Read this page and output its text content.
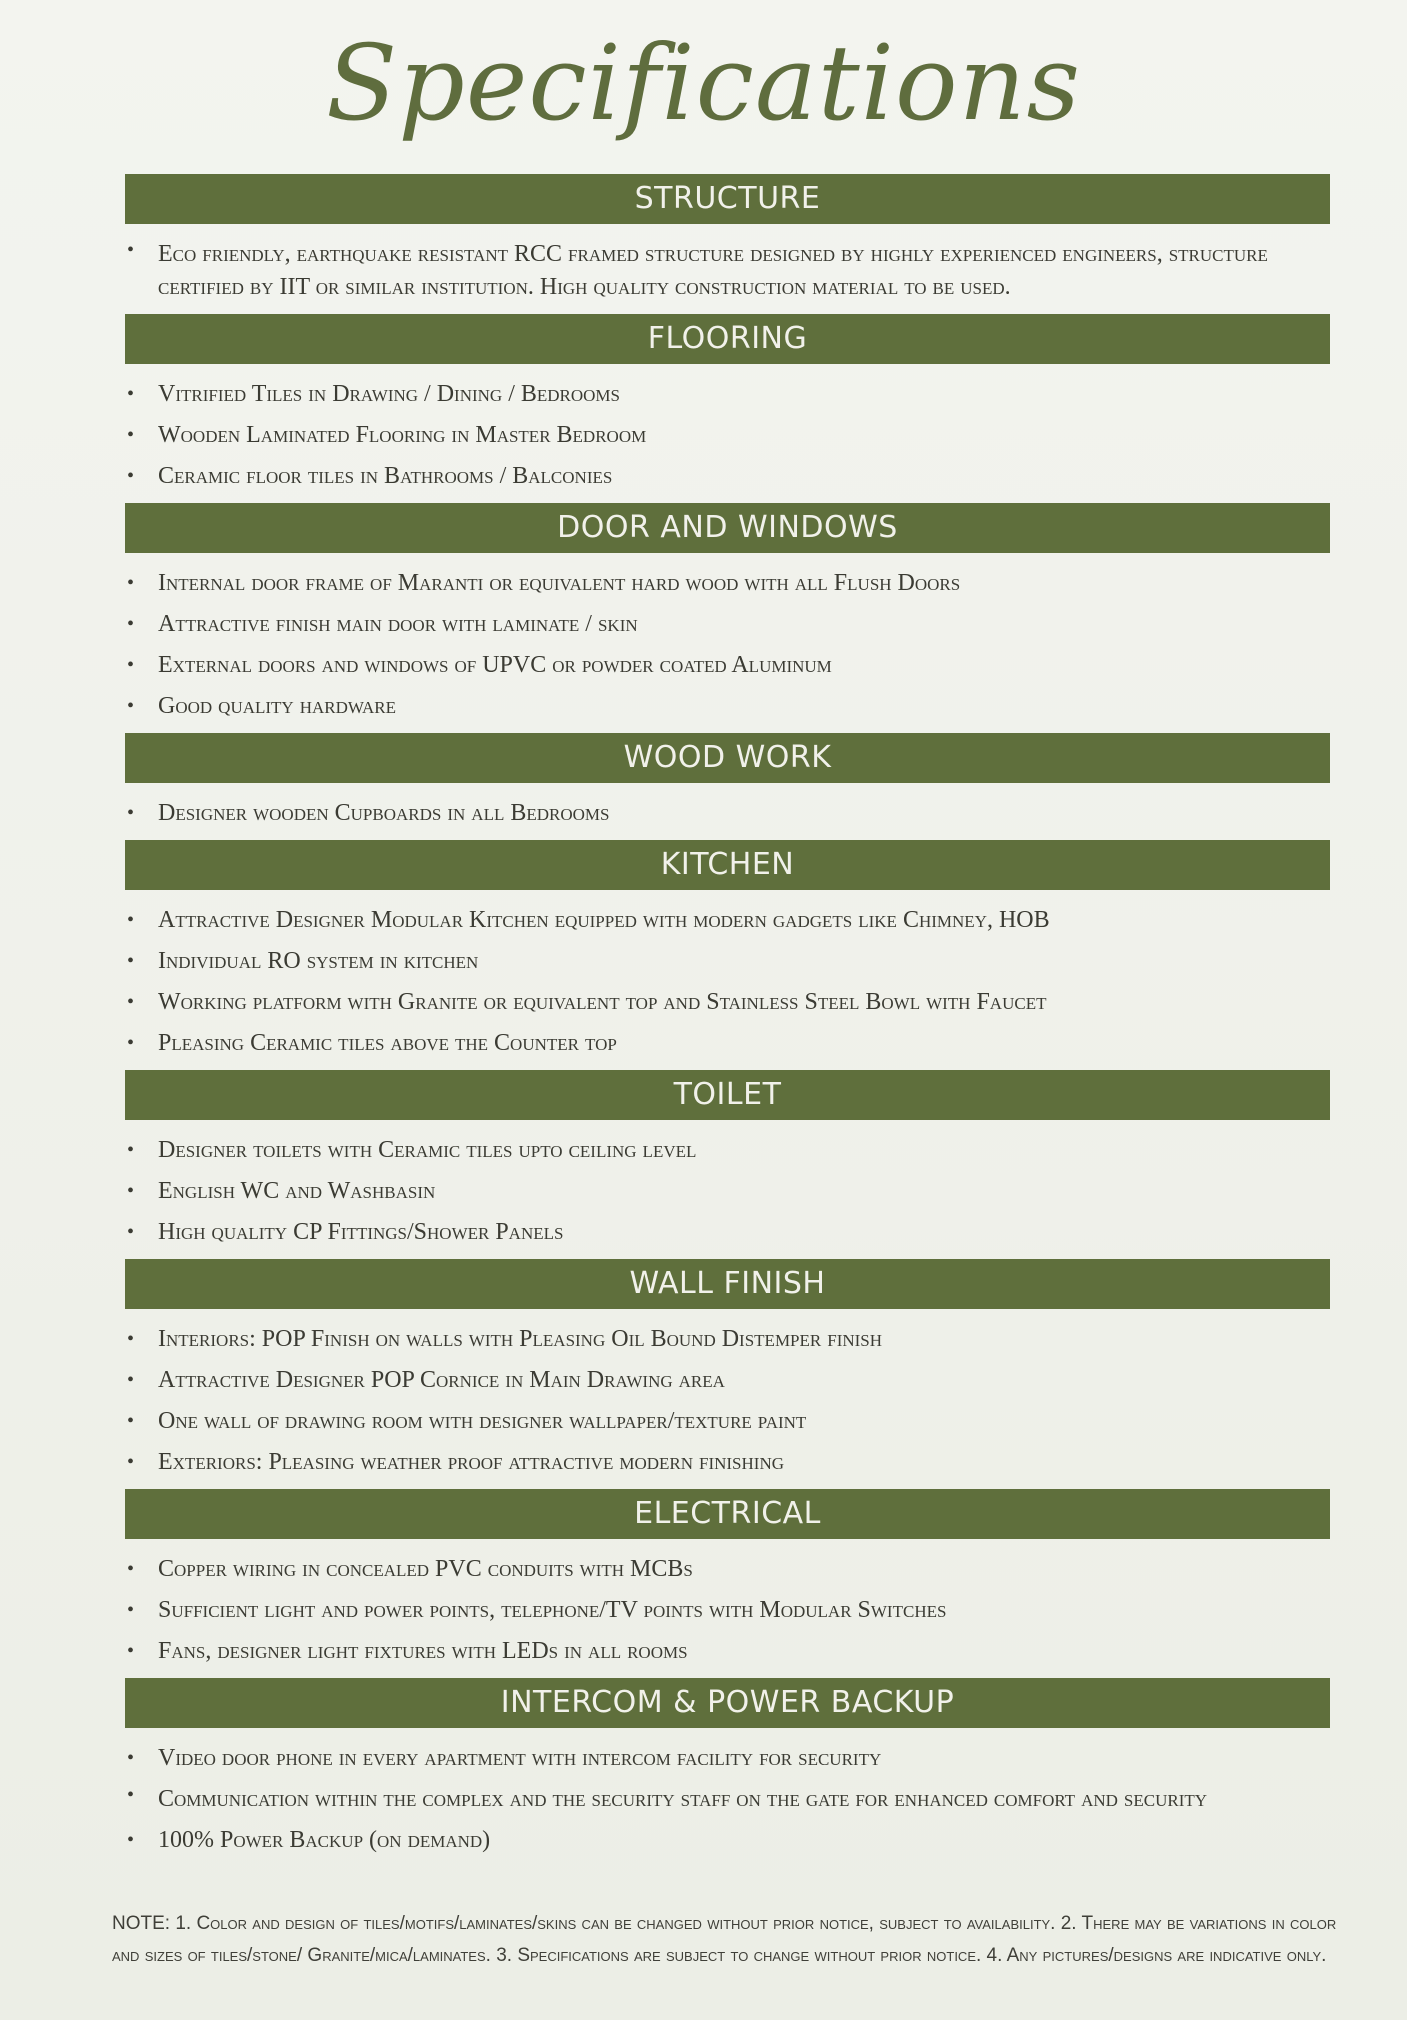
Specifications
STRUCTURE
• Eco friendly, earthquake resistant RCC framed structure designed by highly experienced engineers, structure certified by IIT or similar institution. High quality construction material to be used.
FLOORING
• Vitrified Tiles in Drawing / Dining / Bedrooms
• Wooden Laminated Flooring in Master Bedroom
• Ceramic floor tiles in Bathrooms / Balconies
DOOR AND WINDOWS
• Internal door frame of Maranti or equivalent hard wood with all Flush Doors
• Attractive finish main door with laminate / skin
• External doors and windows of UPVC or powder coated Aluminum
• Good quality hardware
WOOD WORK
• Designer wooden Cupboards in all Bedrooms
KITCHEN
• Attractive Designer Modular Kitchen equipped with modern gadgets like Chimney, HOB
• Individual RO system in kitchen
• Working platform with Granite or equivalent top and Stainless Steel Bowl with Faucet
• Pleasing Ceramic tiles above the Counter top
TOILET
• Designer toilets with Ceramic tiles upto ceiling level
• English WC and Washbasin
• High quality CP Fittings/Shower Panels
WALL FINISH
• Interiors: POP Finish on walls with Pleasing Oil Bound Distemper finish
• Attractive Designer POP Cornice in Main Drawing area
• One wall of drawing room with designer wallpaper/texture paint
• Exteriors: Pleasing weather proof attractive modern finishing
ELECTRICAL
• Copper wiring in concealed PVC conduits with MCBs
• Sufficient light and power points, telephone/TV points with Modular Switches
• Fans, designer light fixtures with LEDs in all rooms
INTERCOM & POWER BACKUP
• Video door phone in every apartment with intercom facility for security
• Communication within the complex and the security staff on the gate for enhanced comfort and security
• 100% Power Backup (on demand)
NOTE: 1. Color and design of tiles/motifs/laminates/skins can be changed without prior notice, subject to availability. 2. There may be variations in color and sizes of tiles/stone/ Granite/mica/laminates. 3. Specifications are subject to change without prior notice. 4. Any pictures/designs are indicative only.
